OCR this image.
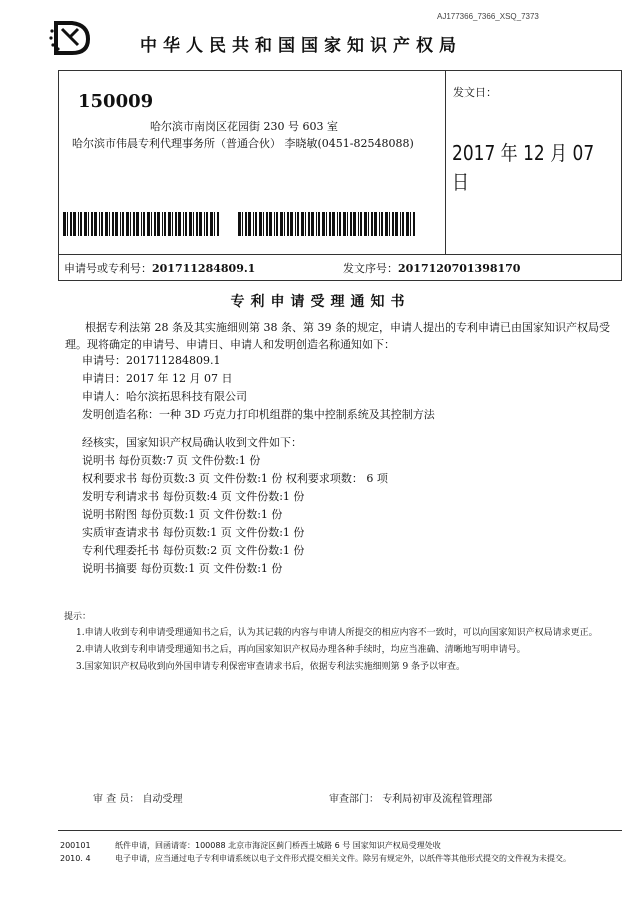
AJ177366_7366_XSQ_7373
中华人民共和国国家知识产权局
150009
哈尔滨市南岗区花园街 230 号 603 室
哈尔滨市伟晨专利代理事务所（普通合伙） 李晓敏(0451-82548088)
发文日：
2017 年 12 月 07 日
申请号或专利号：201711284809.1	发文序号：2017120701398170
专利申请受理通知书
根据专利法第 28 条及其实施细则第 38 条、第 39 条的规定，申请人提出的专利申请已由国家知识产权局受理。现将确定的申请号、申请日、申请人和发明创造名称通知如下：
申请号：201711284809.1
申请日：2017 年 12 月 07 日
申请人：哈尔滨拓思科技有限公司
发明创造名称：一种 3D 巧克力打印机组群的集中控制系统及其控制方法
经核实，国家知识产权局确认收到文件如下：
说明书 每份页数:7 页 文件份数:1 份
权利要求书 每份页数:3 页 文件份数:1 份 权利要求项数： 6 项
发明专利请求书 每份页数:4 页 文件份数:1 份
说明书附图 每份页数:1 页 文件份数:1 份
实质审查请求书 每份页数:1 页 文件份数:1 份
专利代理委托书 每份页数:2 页 文件份数:1 份
说明书摘要 每份页数:1 页 文件份数:1 份
提示：
1.申请人收到专利申请受理通知书之后，认为其记载的内容与申请人所提交的相应内容不一致时，可以向国家知识产权局请求更正。
2.申请人收到专利申请受理通知书之后，再向国家知识产权局办理各种手续时，均应当准确、清晰地写明申请号。
3.国家知识产权局收到向外国申请专利保密审查请求书后，依据专利法实施细则第 9 条予以审查。
审 查 员： 自动受理	审查部门： 专利局初审及流程管理部
200101
2010. 4
纸件申请，回函请寄：100088 北京市海淀区蓟门桥西土城路 6 号 国家知识产权局受理处收
电子申请，应当通过电子专利申请系统以电子文件形式提交相关文件。除另有规定外，以纸件等其他形式提交的文件视为未提交。
